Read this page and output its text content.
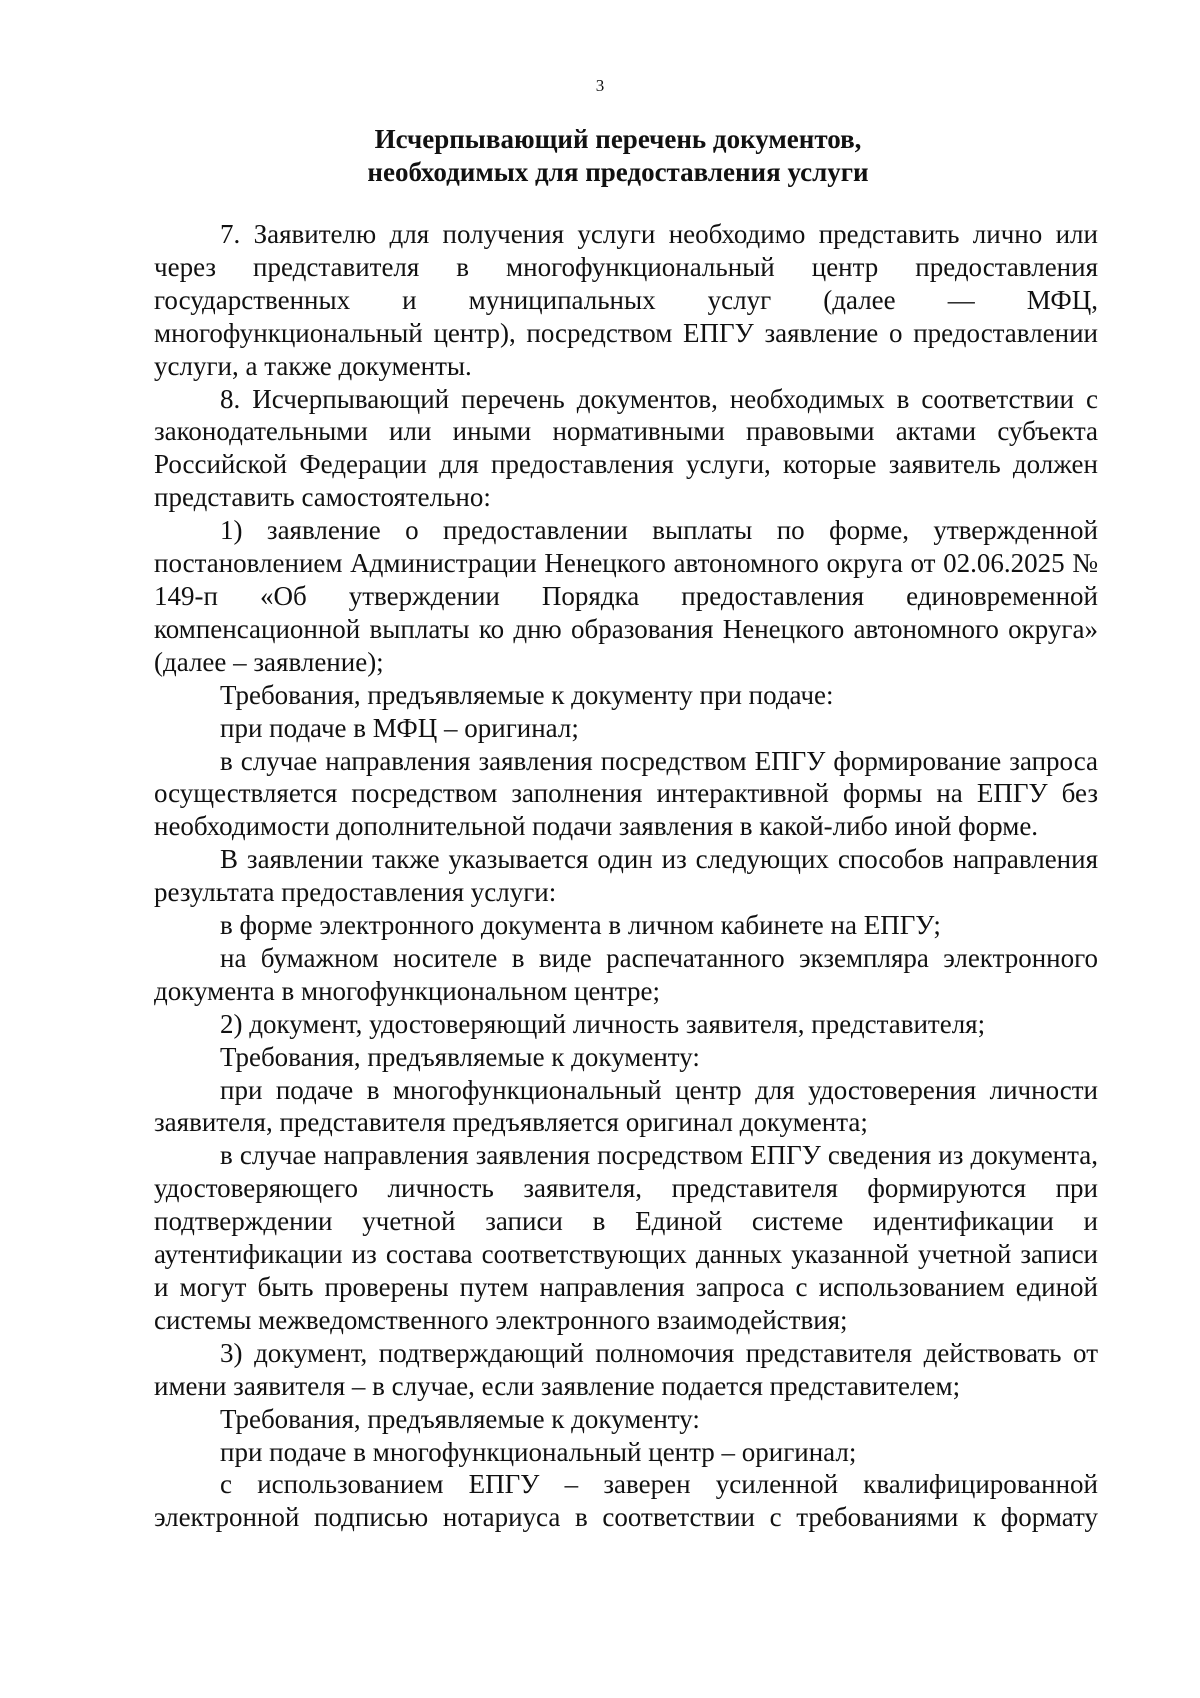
3
Исчерпывающий перечень документов,
необходимых для предоставления услуги

7. Заявителю для получения услуги необходимо представить лично или через представителя в многофункциональный центр предоставления государственных и муниципальных услуг (далее — МФЦ, многофункциональный центр), посредством ЕПГУ заявление о предоставлении услуги, а также документы.

8. Исчерпывающий перечень документов, необходимых в соответствии с законодательными или иными нормативными правовыми актами субъекта Российской Федерации для предоставления услуги, которые заявитель должен представить самостоятельно:

1) заявление о предоставлении выплаты по форме, утвержденной постановлением Администрации Ненецкого автономного округа от 02.06.2025 № 149-п «Об утверждении Порядка предоставления единовременной компенсационной выплаты ко дню образования Ненецкого автономного округа» (далее – заявление);

Требования, предъявляемые к документу при подаче:

при подаче в МФЦ – оригинал;

в случае направления заявления посредством ЕПГУ формирование запроса осуществляется посредством заполнения интерактивной формы на ЕПГУ без необходимости дополнительной подачи заявления в какой-либо иной форме.

В заявлении также указывается один из следующих способов направления результата предоставления услуги:

в форме электронного документа в личном кабинете на ЕПГУ;

на бумажном носителе в виде распечатанного экземпляра электронного документа в многофункциональном центре;

2) документ, удостоверяющий личность заявителя, представителя;

Требования, предъявляемые к документу:

при подаче в многофункциональный центр для удостоверения личности заявителя, представителя предъявляется оригинал документа;

в случае направления заявления посредством ЕПГУ сведения из документа, удостоверяющего личность заявителя, представителя формируются при подтверждении учетной записи в Единой системе идентификации и аутентификации из состава соответствующих данных указанной учетной записи и могут быть проверены путем направления запроса с использованием единой системы межведомственного электронного взаимодействия;

3) документ, подтверждающий полномочия представителя действовать от имени заявителя – в случае, если заявление подается представителем;

Требования, предъявляемые к документу:

при подаче в многофункциональный центр – оригинал;

с использованием ЕПГУ – заверен усиленной квалифицированной электронной подписью нотариуса в соответствии с требованиями к формату
